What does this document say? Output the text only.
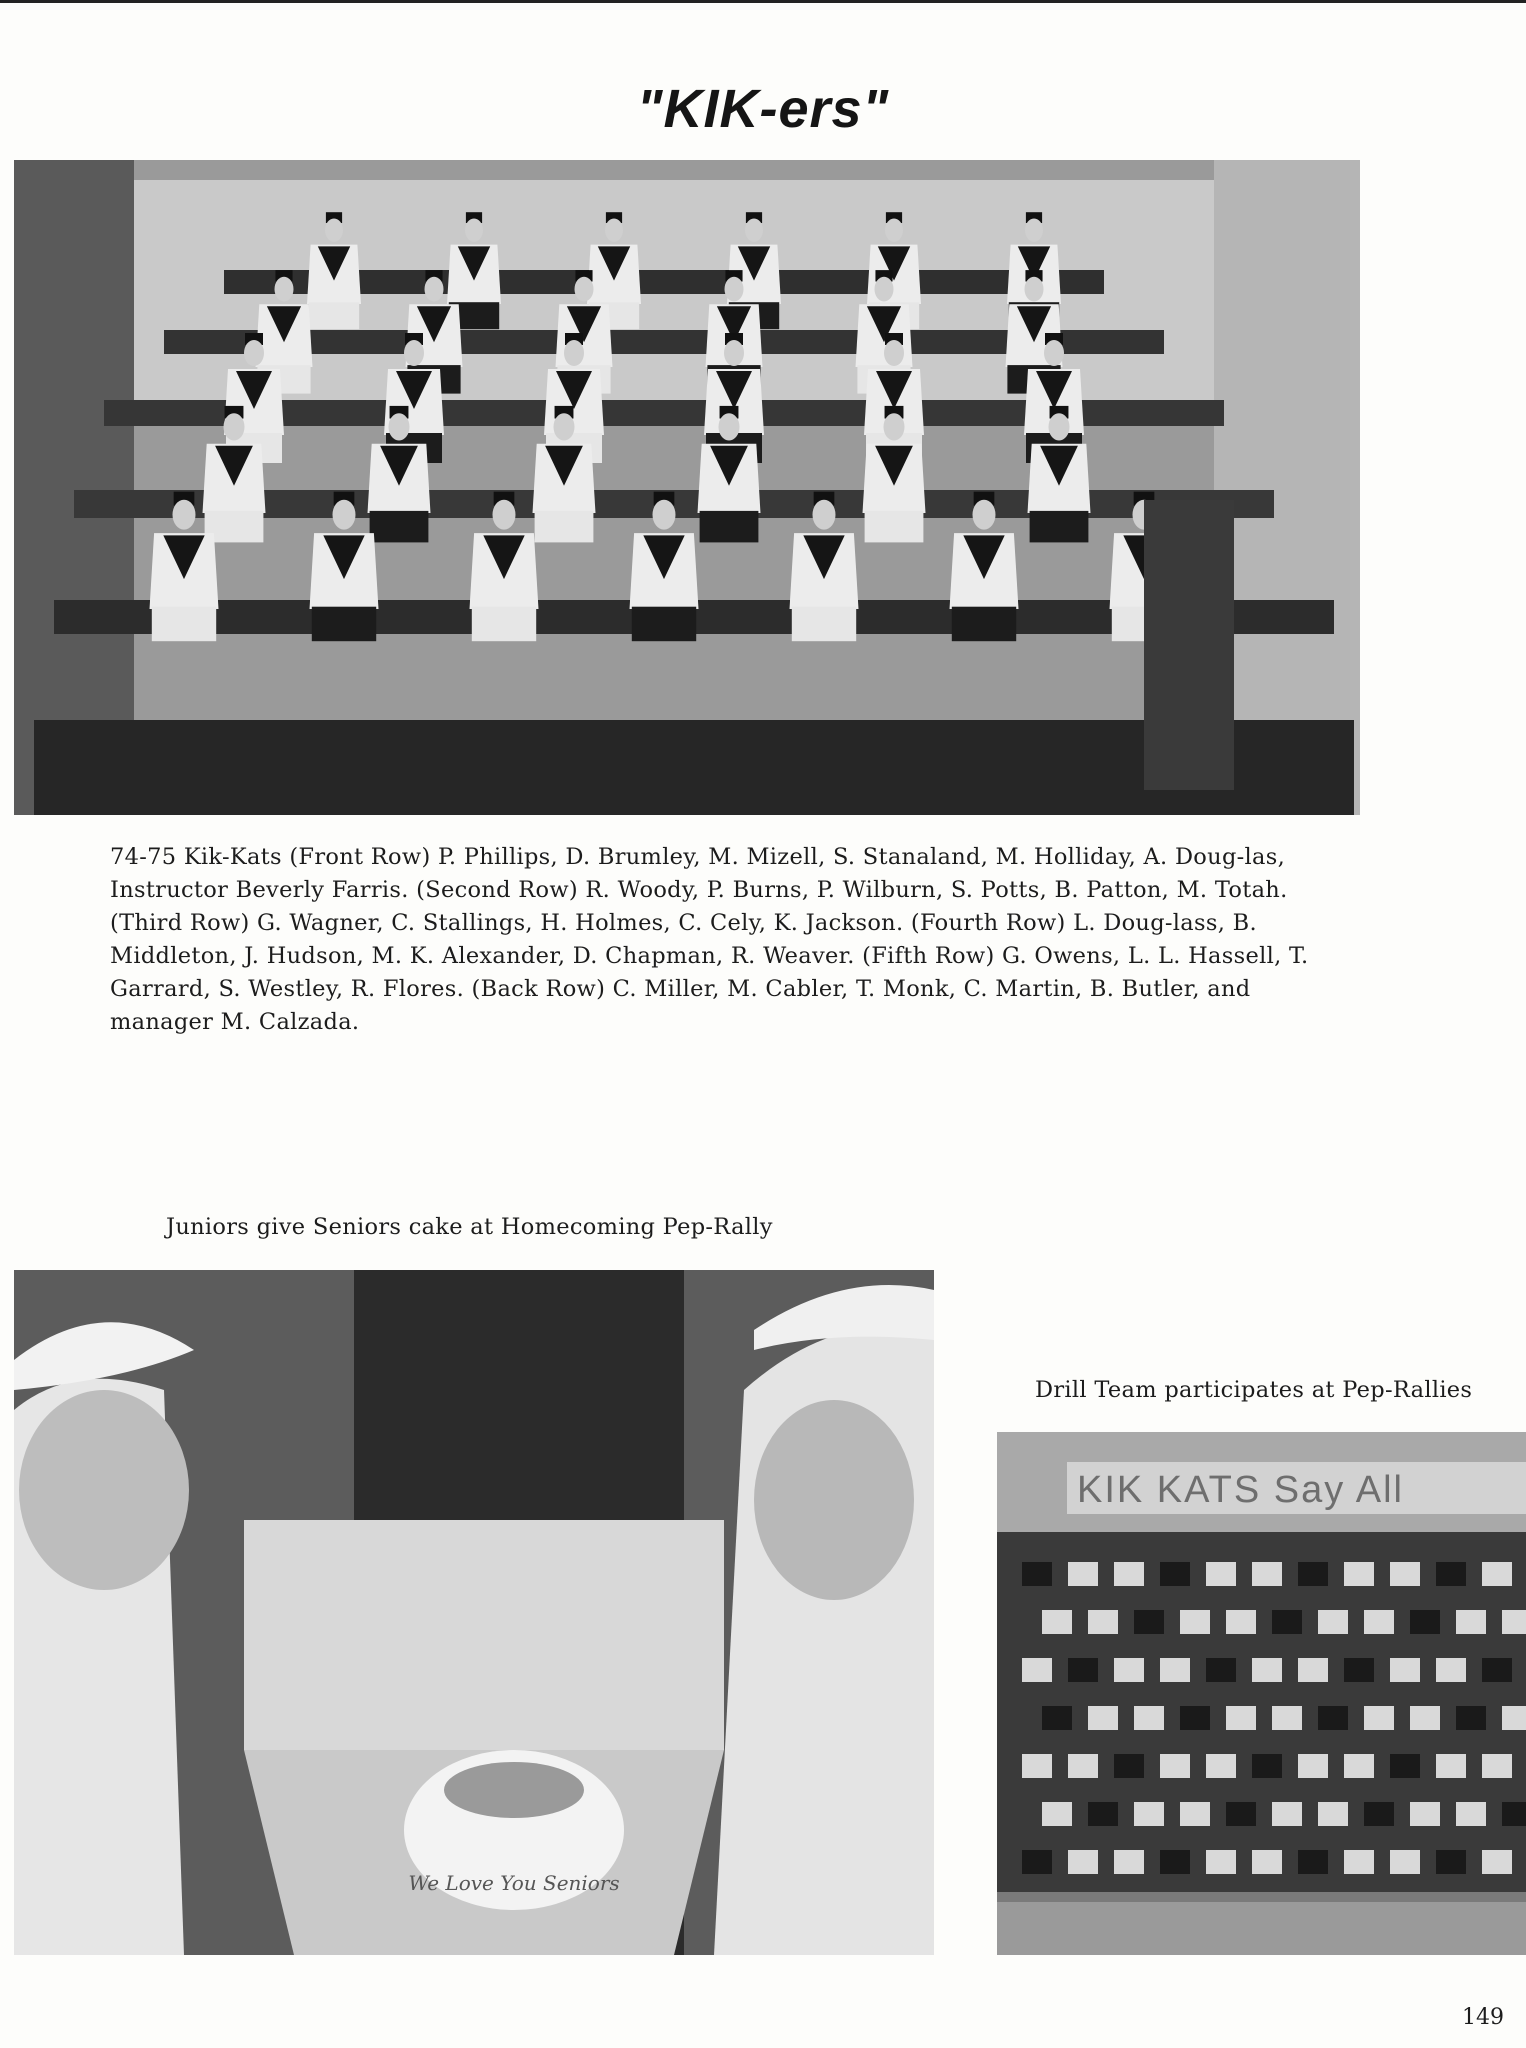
"KIK-ers"

74-75 Kik-Kats (Front Row) P. Phillips, D. Brumley, M. Mizell, S. Stanaland, M. Holliday, A. Doug-las, Instructor Beverly Farris. (Second Row) R. Woody, P. Burns, P. Wilburn, S. Potts, B. Patton, M. Totah. (Third Row) G. Wagner, C. Stallings, H. Holmes, C. Cely, K. Jackson. (Fourth Row) L. Doug-lass, B. Middleton, J. Hudson, M. K. Alexander, D. Chapman, R. Weaver. (Fifth Row) G. Owens, L. L. Hassell, T. Garrard, S. Westley, R. Flores. (Back Row) C. Miller, M. Cabler, T. Monk, C. Martin, B. Butler, and manager M. Calzada.

Juniors give Seniors cake at Homecoming Pep-Rally
We Love You Seniors
Drill Team participates at Pep-Rallies
KIK KATS Say All
149
